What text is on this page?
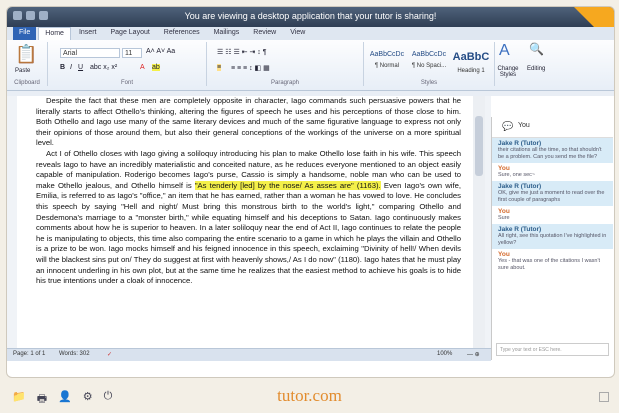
You are viewing a desktop application that your tutor is sharing!
File	Home	Insert	Page Layout	References	Mailings	Review	View
📋
Paste
Clipboard
Arial	11	A˄ A˅ Aa
B I U abc x₂ x²	A ab
Font
☰ ☷ ☰ ⇤ ⇥ ↕ ¶
≡ ≡ ≡ ≡ ↕ ◧ ▦
Paragraph
AaBbCcDc
¶ Normal
AaBbCcDc
¶ No Spaci...
AaBbC
Heading 1
Styles
A
Change Styles
🔍
Editing

Despite the fact that these men are completely opposite in character, Iago commands such persuasive powers that he literally starts to affect Othello's thinking, altering the figures of speech he uses and his perceptions of those close to him. Both Othello and Iago use many of the same literary devices and much of the same figurative language to express not only their opinions of those around them, but also their general conceptions of the workings of the universe on a more spiritual level.

Act I of Othello closes with Iago giving a soliloquy introducing his plan to make Othello lose faith in his wife. This speech reveals Iago to have an incredibly materialistic and conceited nature, as he reduces everyone mentioned to an object easily capable of manipulation. Roderigo becomes Iago's purse, Cassio is simply a handsome, noble man who can be used to make Othello jealous, and Othello himself is "As tenderly [led] by the nose/ As asses are" (1163). Even Iago's own wife, Emilia, is referred to as Iago's "office," an item that he has earned, rather than a woman he has vowed to love. He concludes this speech by saying "Hell and night/ Must bring this monstrous birth to the world's light," comparing Othello and Desdemona's marriage to a "monster birth," while equating himself and his deceptions to Satan. Iago continuously makes comments about how he is superior to heaven. In a later soliloquy near the end of Act II, Iago continues to relate the people he is manipulating to objects, this time also comparing the entire scenario to a game in which he plays the villain and Othello is a prize to be won. Iago mocks himself and his feigned innocence in this speech, exclaiming "Divinity of hell!/ When devils will the blackest sins put on/ They do suggest at first with heavenly shows,/ As I do now" (1180). Iago hates that he must play an innocent underling in his own plot, but at the same time he realizes that the easiest method to achieve his goals is to hide his true intentions under a cloak of innocence.

Page: 1 of 1 Words: 302	✓	100% — ⊕
💬 You
Jake R (Tutor)
their citations all the time, so that shouldn't be a problem. Can you send me the file?
You
Sure, one sec~
Jake R (Tutor)
OK, give me just a moment to read over the first couple of paragraphs
You
Sure
Jake R (Tutor)
All right, see this quotation I've highlighted in yellow?
You
Yes - that was one of the citations I wasn't sure about.
Type your text or ESC here.
📁 🖶 👤 ⚙ ⏻	tutor.com
